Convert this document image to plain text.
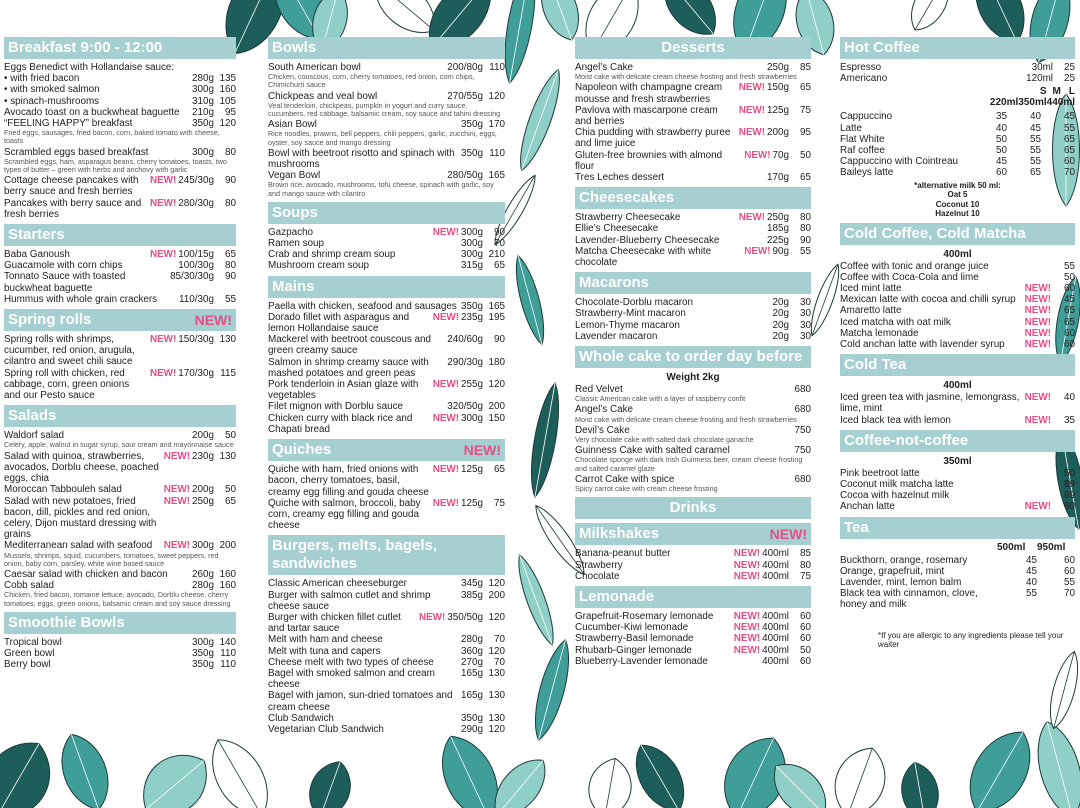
Breakfast 9:00 - 12:00
Eggs Benedict with Hollandaise sauce:
• with fried bacon	280g 135
• with smoked salmon	300g 160
• spinach-mushrooms	310g 105
Avocado toast on a buckwheat baguette	210g	95
“FEELING HAPPY” breakfast	350g 120
Fried eggs, sausages, fried bacon, corn, baked tomato with cheese, toasts
Scrambled eggs based breakfast	300g	80
Scrambled eggs, ham, asparagus beans, cherry tomatoes, toasts, two types of butter – green with herbs and anchovy with garlic
Cottage cheese pancakes with berry sauce and fresh berries
NEW! 245/30g	90
Pancakes with berry sauce and fresh berries
NEW! 280/30g	80
Starters
Baba Ganoush	NEW! 100/15g	65
Guacamole with corn chips	100/30g	80
Tonnato Sauce with toasted buckwheat baguette
85/30/30g	90
Hummus with whole grain crackers	110/30g	55
Spring rolls	NEW!
Spring rolls with shrimps, cucumber, red onion, arugula, cilantro and sweet chili sauce
NEW! 150/30g 130
Spring roll with chicken, red cabbage, corn, green onions and our Pesto sauce
NEW! 170/30g 115
Salads
Waldorf salad	200g	50
Celery, apple, walnut in sugar syrup, sour cream and mayonnaise sauce
Salad with quinoa, strawberries, avocados, Dorblu cheese, poached eggs, chia
NEW! 230g 130
Moroccan Tabbouleh salad	NEW! 200g	50
Salad with new potatoes, fried bacon, dill, pickles and red onion, celery, Dijon mustard dressing with grains
NEW! 250g	65
Mediterranean salad with seafood	NEW! 300g 200
Mussels, shrimps, squid, cucumbers, tomatoes, sweet peppers, red onion, baby corn, parsley, white wine based sauce
Caesar salad with chicken and bacon	260g 160
Cobb salad	280g 160
Chicken, fried bacon, romaine lettuce, avocado, Dorblu cheese, cherry tomatoes, eggs, green onions, balsamic cream and soy sauce dressing
Smoothie Bowls
Tropical bowl	300g 140
Green bowl	350g 110
Berry bowl	350g 110
Bowls
South American bowl	200/80g 110
Chicken, couscous, corn, cherry tomatoes, red onion, corn chips, Chimichurri sauce
Chickpeas and veal bowl	270/55g 120
Veal tenderloin, chickpeas, pumpkin in yogurt and curry sauce, cucumbers, red cabbage, balsamic cream, soy sauce and tahini dressing
Asian Bowl	350g 170
Rice noodles, prawns, bell peppers, chili peppers, garlic, zucchini, eggs, oyster, soy sauce and mango dressing
Bowl with beetroot risotto and spinach with mushrooms
350g 110
Vegan Bowl	280/50g 165
Brown rice, avocado, mushrooms, tofu cheese, spinach with garlic, soy and mango sauce with cilantro
Soups
Gazpacho	NEW! 300g	90
Ramen soup	300g	70
Crab and shrimp cream soup	300g 210
Mushroom cream soup	315g	65
Mains
Paella with chicken, seafood and sausages 350g 165
Dorado fillet with asparagus and lemon Hollandaise sauce
NEW! 235g 195
Mackerel with beetroot couscous and green creamy sauce
240/60g	90
Salmon in shrimp creamy sauce with mashed potatoes and green peas
290/30g 180
Pork tenderloin in Asian glaze with vegetables
NEW! 255g 120
Filet mignon with Dorblu sauce	320/50g 200
Chicken curry with black rice and Chapati bread
NEW! 300g 150
Quiches	NEW!
Quiche with ham, fried onions with bacon, cherry tomatoes, basil, creamy egg filling and gouda cheese
NEW! 125g	65
Quiche with salmon, broccoli, baby corn, creamy egg filling and gouda cheese
NEW! 125g	75
Burgers, melts, bagels, sandwiches
Classic American cheeseburger	345g 120
Burger with salmon cutlet and shrimp cheese sauce
385g 200
Burger with chicken fillet cutlet and tartar sauce
NEW! 350/50g 120
Melt with ham and cheese	280g	70
Melt with tuna and capers	360g 120
Cheese melt with two types of cheese	270g	70
Bagel with smoked salmon and cream cheese
165g 130
Bagel with jamon, sun-dried tomatoes and cream cheese
165g 130
Club Sandwich	350g 130
Vegetarian Club Sandwich	290g 120
Desserts
Angel’s Cake	250g	85
Moist cake with delicate cream cheese frosting and fresh strawberries
Napoleon with champagne cream mousse and fresh strawberries
NEW! 150g	65
Pavlova with mascarpone cream and berries
NEW! 125g	75
Chia pudding with strawberry puree and lime juice
NEW! 200g	95
Gluten-free brownies with almond flour
NEW! 70g	50
Tres Leches dessert	170g	65
Cheesecakes
Strawberry Cheesecake	NEW! 250g	80
Ellie’s Cheesecake	185g	80
Lavender-Blueberry Cheesecake	225g	90
Matcha Cheesecake with white chocolate
NEW! 90g	55
Macarons
Chocolate-Dorblu macaron	20g	30
Strawberry-Mint macaron	20g	30
Lemon-Thyme macaron	20g	30
Lavender macaron	20g	30
Whole cake to order day before
Weight 2kg
Red Velvet	680
Classic American cake with a layer of raspberry confit
Angel’s Cake	680
Moist cake with delicate cream cheese frosting and fresh strawberries
Devil’s Cake	750
Very chocolate cake with salted dark chocolate ganache
Guinness Cake with salted caramel	750
Chocolate sponge with dark Irish Guinness beer, cream cheese frosting and salted caramel glaze
Carrot Cake with spice	680
Spicy carrot cake with cream cheese frosting
Drinks
Milkshakes	NEW!
Banana-peanut butter	NEW! 400ml	85
Strawberry	NEW! 400ml	80
Chocolate	NEW! 400ml	75
Lemonade
Grapefruit-Rosemary lemonade	NEW! 400ml	60
Cucumber-Kiwi lemonade	NEW! 400ml	60
Strawberry-Basil lemonade	NEW! 400ml	60
Rhubarb-Ginger lemonade	NEW! 400ml	50
Blueberry-Lavender lemonade	400ml	60
Hot Coffee
Espresso	30ml	25
Americano	120ml	25
S M L
220ml 350ml 440ml
Cappuccino	35	40	45
Latte	40	45	55
Flat White	50	55	65
Raf coffee	50	55	65
Cappuccino with Cointreau	45	55	60
Baileys latte	60	65	70
*alternative milk 50 ml:
Oat 5
Coconut 10
Hazelnut 10
Cold Coffee, Cold Matcha
400ml
Coffee with tonic and orange juice	55
Coffee with Coca-Cola and lime	50
Iced mint latte	NEW!	60
Mexican latte with cocoa and chilli syrup NEW!	45
Amaretto latte	NEW!	65
Iced matcha with oat milk	NEW!	65
Matcha lemonade	NEW!	60
Cold anchan latte with lavender syrup	NEW!	60
Cold Tea
400ml
Iced green tea with jasmine, lemongrass, lime, mint
NEW!	40
Iced black tea with lemon	NEW!	35
Coffee-not-coffee
350ml
Pink beetroot latte	50
Coconut milk matcha latte	89
Cocoa with hazelnut milk	89
Anchan latte	NEW!	60
Tea
500ml	950ml
Buckthorn, orange, rosemary	45	60
Orange, grapefruit, mint	45	60
Lavender, mint, lemon balm	40	55
Black tea with cinnamon, clove, honey and milk
55	70
*If you are allergic to any ingredients please tell your waiter
